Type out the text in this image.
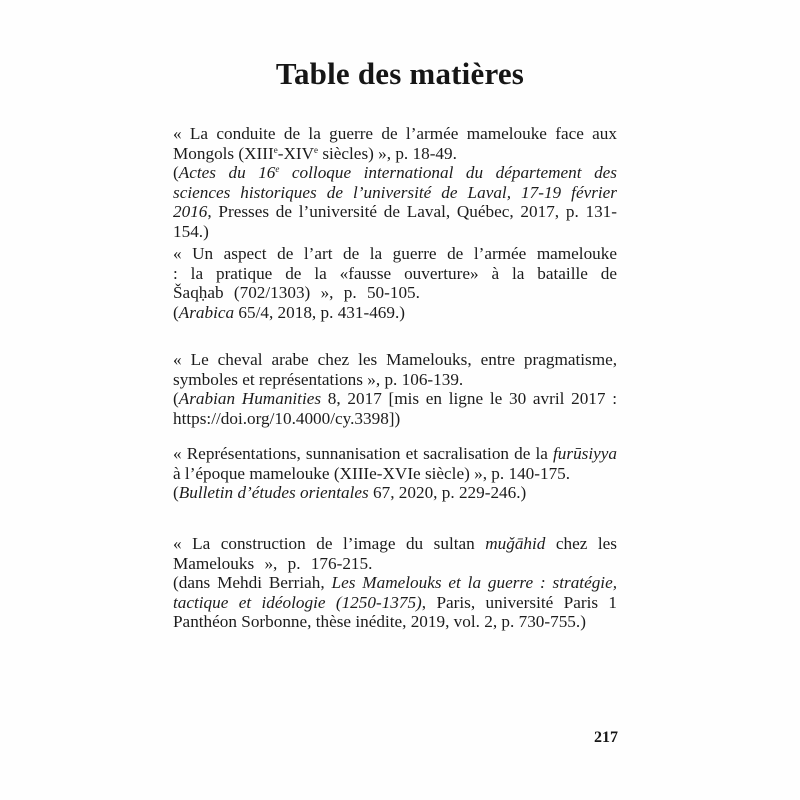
Table des matières

« La conduite de la guerre de l’armée mamelouke face aux Mongols (XIIIe-XIVe siècles) », p. 18-49.

(Actes du 16e colloque international du département des sciences historiques de l’université de Laval, 17-19 février 2016, Presses de l’université de Laval, Québec, 2017, p. 131-154.)

« Un aspect de l’art de la guerre de l’armée mamelouke : la pratique de la «fausse ouverture» à la bataille de Šaqḥab (702/1303) », p. 50-105.

(Arabica 65/4, 2018, p. 431-469.)

« Le cheval arabe chez les Mamelouks, entre pragmatisme, symboles et représentations », p. 106-139.

(Arabian Humanities 8, 2017 [mis en ligne le 30 avril 2017 : https://doi.org/10.4000/cy.3398])

« Représentations, sunnanisation et sacralisation de la furūsiyya à l’époque mamelouke (XIIIe-XVIe siècle) », p. 140-175.

(Bulletin d’études orientales 67, 2020, p. 229-246.)

« La construction de l’image du sultan muǧāhid chez les Mamelouks », p. 176-215.

(dans Mehdi Berriah, Les Mamelouks et la guerre : stratégie, tactique et idéologie (1250-1375), Paris, université Paris 1 Panthéon Sorbonne, thèse inédite, 2019, vol. 2, p. 730-755.)

217
